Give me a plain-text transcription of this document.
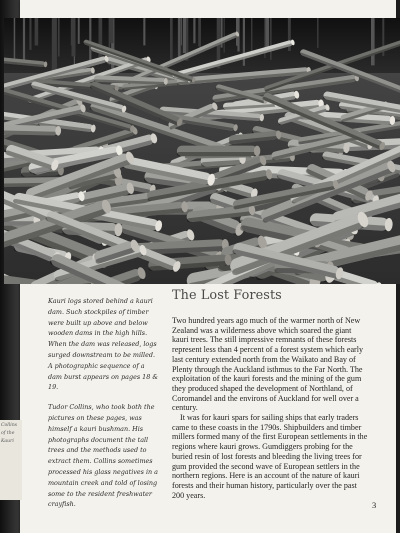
Collins
of the
Kauri

Kauri logs stored behind a kauri dam. Such stockpiles of timber were built up above and below wooden dams in the high hills. When the dam was released, logs surged downstream to be milled. A photographic sequence of a dam burst appears on pages 18 & 19.

Tudor Collins, who took both the pictures on these pages, was himself a kauri bushman. His photographs document the tall trees and the methods used to extract them. Collins sometimes processed his glass negatives in a mountain creek and told of losing some to the resident freshwater crayfish.

The Lost Forests

Two hundred years ago much of the warmer north of New Zealand was a wilderness above which soared the giant kauri trees. The still impressive remnants of these forests represent less than 4 percent of a forest system which early last century extended north from the Waikato and Bay of Plenty through the Auckland isthmus to the Far North. The exploitation of the kauri forests and the mining of the gum they produced shaped the development of Northland, of Coromandel and the environs of Auckland for well over a century.

It was for kauri spars for sailing ships that early traders came to these coasts in the 1790s. Shipbuilders and timber millers formed many of the first European settlements in the regions where kauri grows. Gumdiggers probing for the buried resin of lost forests and bleeding the living trees for gum provided the second wave of European settlers in the northern regions. Here is an account of the nature of kauri forests and their human history, particularly over the past 200 years.

3
